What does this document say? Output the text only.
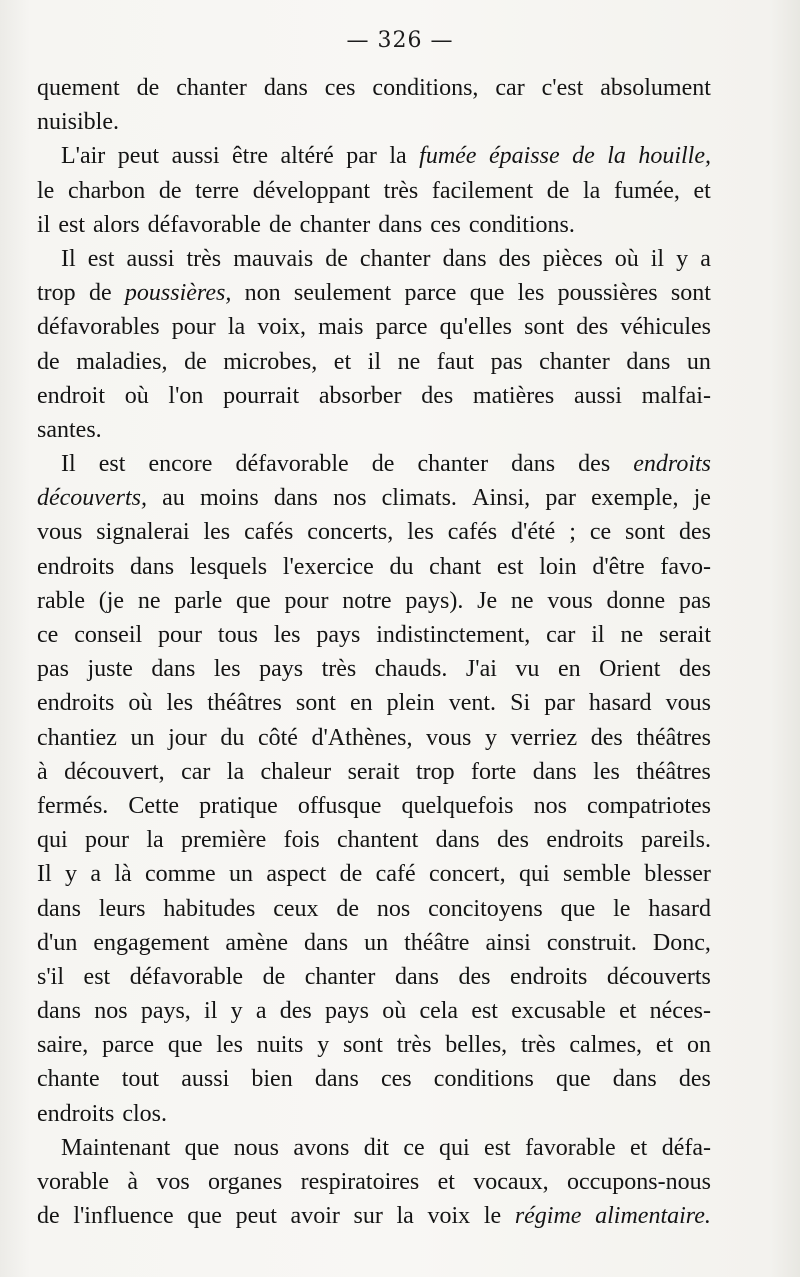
— 326 —
quement de chanter dans ces conditions, car c'est absolument
nuisible.
L'air peut aussi être altéré par la fumée épaisse de la houille,
le charbon de terre développant très facilement de la fumée, et
il est alors défavorable de chanter dans ces conditions.
Il est aussi très mauvais de chanter dans des pièces où il y a
trop de poussières, non seulement parce que les poussières sont
défavorables pour la voix, mais parce qu'elles sont des véhicules
de maladies, de microbes, et il ne faut pas chanter dans un
endroit où l'on pourrait absorber des matières aussi malfai-
santes.
Il est encore défavorable de chanter dans des endroits
découverts, au moins dans nos climats. Ainsi, par exemple, je
vous signalerai les cafés concerts, les cafés d'été ; ce sont des
endroits dans lesquels l'exercice du chant est loin d'être favo-
rable (je ne parle que pour notre pays). Je ne vous donne pas
ce conseil pour tous les pays indistinctement, car il ne serait
pas juste dans les pays très chauds. J'ai vu en Orient des
endroits où les théâtres sont en plein vent. Si par hasard vous
chantiez un jour du côté d'Athènes, vous y verriez des théâtres
à découvert, car la chaleur serait trop forte dans les théâtres
fermés. Cette pratique offusque quelquefois nos compatriotes
qui pour la première fois chantent dans des endroits pareils.
Il y a là comme un aspect de café concert, qui semble blesser
dans leurs habitudes ceux de nos concitoyens que le hasard
d'un engagement amène dans un théâtre ainsi construit. Donc,
s'il est défavorable de chanter dans des endroits découverts
dans nos pays, il y a des pays où cela est excusable et néces-
saire, parce que les nuits y sont très belles, très calmes, et on
chante tout aussi bien dans ces conditions que dans des
endroits clos.
Maintenant que nous avons dit ce qui est favorable et défa-
vorable à vos organes respiratoires et vocaux, occupons-nous
de l'influence que peut avoir sur la voix le régime alimentaire.
